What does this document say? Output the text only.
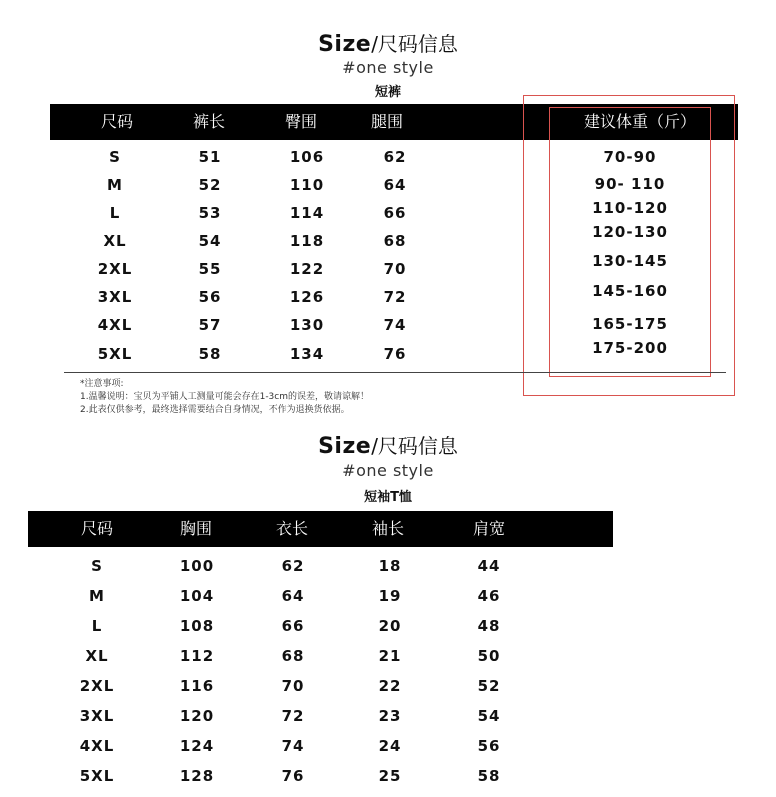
Size/尺码信息
#one style
短裤
尺码	裤长	臀围	腿围	建议体重（斤）
S	51	106	62	70-90
M	52	110	64	90- 110
L	53	114	66	110-120
XL	54	118	68	120-130
2XL	55	122	70	130-145
3XL	56	126	72	145-160
4XL	57	130	74	165-175
5XL	58	134	76	175-200
*注意事项:
1.温馨说明：宝贝为平铺人工测量可能会存在1-3cm的误差，敬请谅解！
2.此表仅供参考，最终选择需要结合自身情况，不作为退换货依据。
Size/尺码信息
#one style
短袖T恤
尺码	胸围	衣长	袖长	肩宽
S	100	62	18	44
M	104	64	19	46
L	108	66	20	48
XL	112	68	21	50
2XL	116	70	22	52
3XL	120	72	23	54
4XL	124	74	24	56
5XL	128	76	25	58
